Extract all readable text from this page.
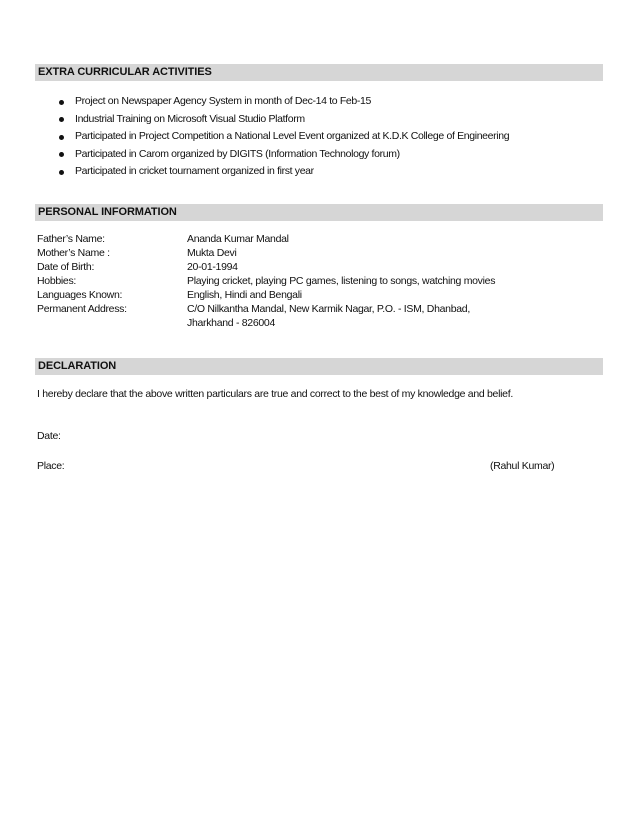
EXTRA CURRICULAR ACTIVITIES
Project on Newspaper Agency System in month of Dec-14 to Feb-15
Industrial Training on Microsoft Visual Studio Platform
Participated in Project Competition a National Level Event organized at K.D.K College of Engineering
Participated in Carom organized by DIGITS (Information Technology forum)
Participated in cricket tournament organized in first year
PERSONAL INFORMATION
Father’s Name:	Ananda Kumar Mandal
Mother’s Name :	Mukta Devi
Date of Birth:	20-01-1994
Hobbies:	Playing cricket, playing PC games, listening to songs, watching movies
Languages Known:	English, Hindi and Bengali
Permanent Address:	C/O Nilkantha Mandal, New Karmik Nagar, P.O. - ISM, Dhanbad,
Jharkhand - 826004
DECLARATION
I hereby declare that the above written particulars are true and correct to the best of my knowledge and belief.
Date:
Place:	(Rahul Kumar)
